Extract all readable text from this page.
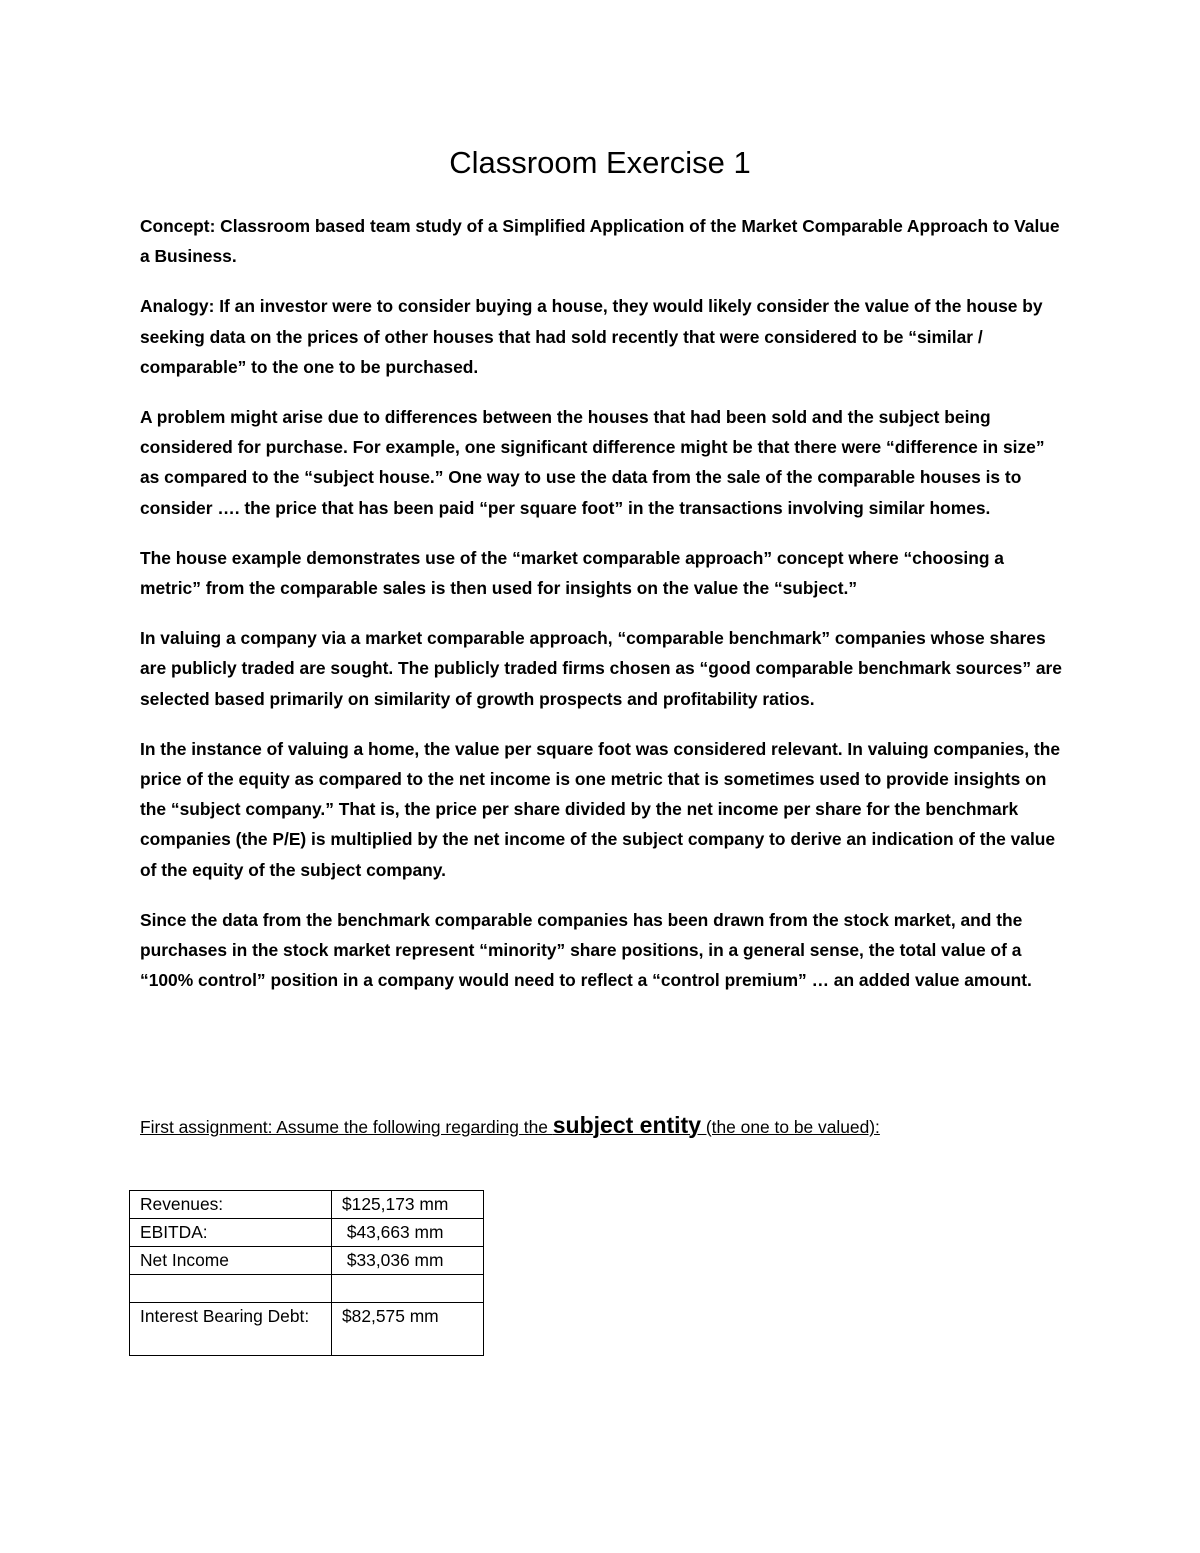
Classroom Exercise 1

Concept: Classroom based team study of a Simplified Application of the Market Comparable Approach to Value a Business.

Analogy: If an investor were to consider buying a house, they would likely consider the value of the house by seeking data on the prices of other houses that had sold recently that were considered to be “similar / comparable” to the one to be purchased.

A problem might arise due to differences between the houses that had been sold and the subject being considered for purchase. For example, one significant difference might be that there were “difference in size” as compared to the “subject house.” One way to use the data from the sale of the comparable houses is to consider …. the price that has been paid “per square foot” in the transactions involving similar homes.

The house example demonstrates use of the “market comparable approach” concept where “choosing a metric” from the comparable sales is then used for insights on the value the “subject.”

In valuing a company via a market comparable approach, “comparable benchmark” companies whose shares are publicly traded are sought. The publicly traded firms chosen as “good comparable benchmark sources” are selected based primarily on similarity of growth prospects and profitability ratios.

In the instance of valuing a home, the value per square foot was considered relevant. In valuing companies, the price of the equity as compared to the net income is one metric that is sometimes used to provide insights on the “subject company.” That is, the price per share divided by the net income per share for the benchmark companies (the P/E) is multiplied by the net income of the subject company to derive an indication of the value of the equity of the subject company.

Since the data from the benchmark comparable companies has been drawn from the stock market, and the purchases in the stock market represent “minority” share positions, in a general sense, the total value of a “100% control” position in a company would need to reflect a “control premium” … an added value amount.

First assignment: Assume the following regarding the subject entity (the one to be valued):
Revenues:	$125,173 mm
EBITDA:	$43,663 mm
Net Income	$33,036 mm

Interest Bearing Debt:	$82,575 mm
